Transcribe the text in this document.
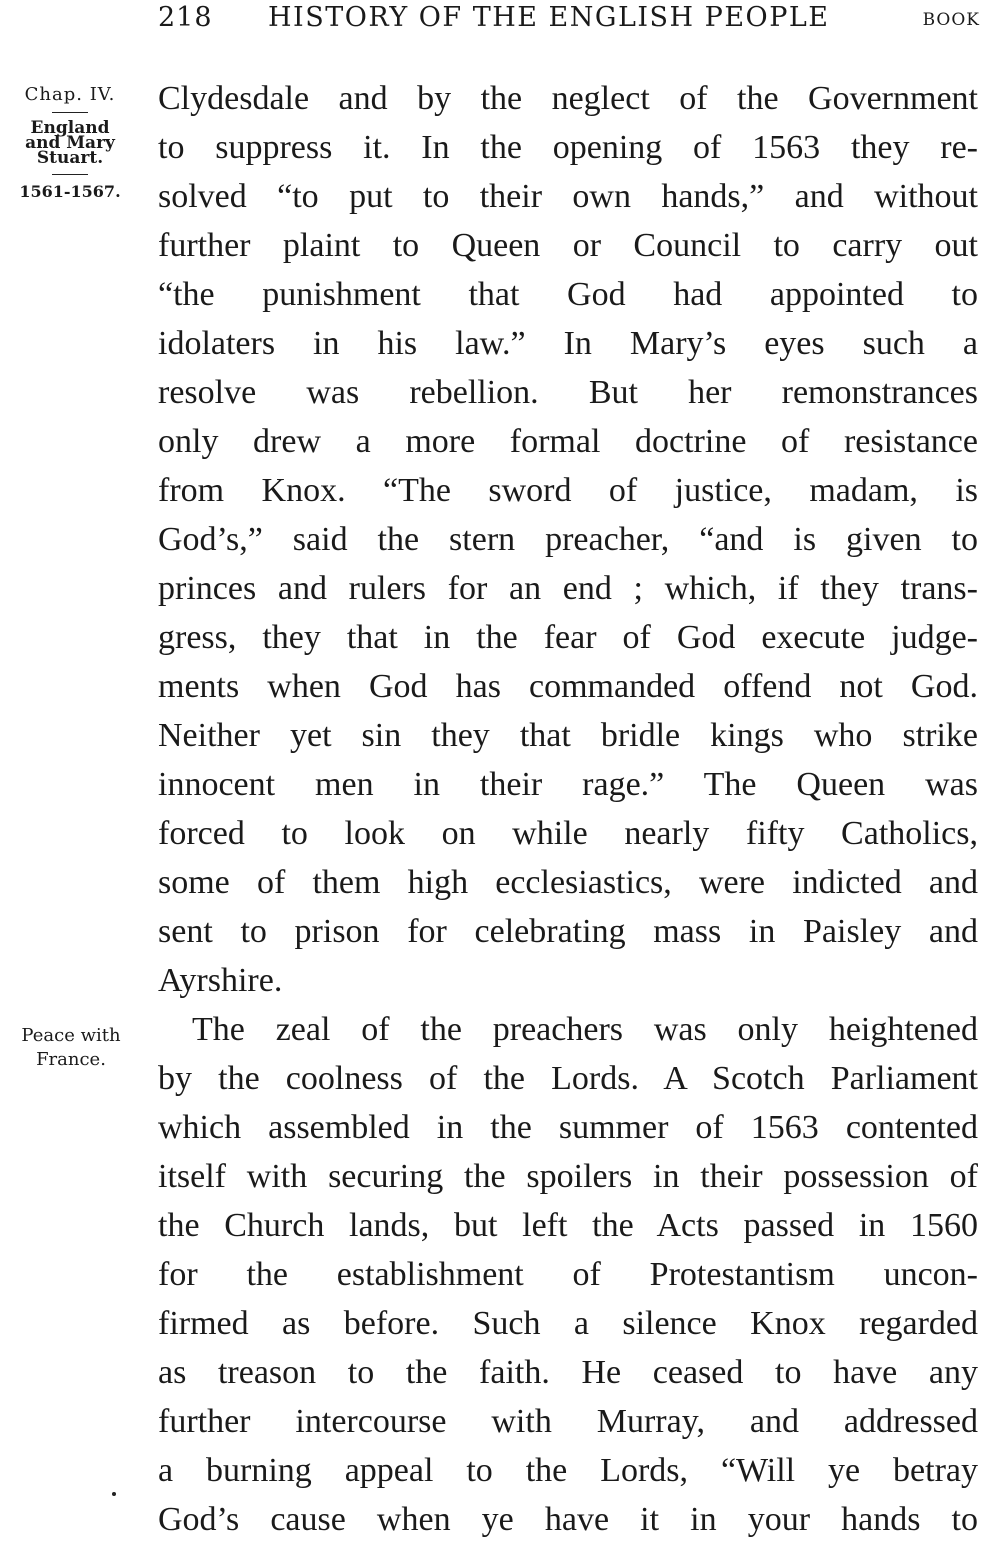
218 HISTORY OF THE ENGLISH PEOPLE	BOOK
Chap. IV.
England
and Mary
Stuart.
1561-1567.
Peace with
France.
Clydesdale and by the neglect of the Government
to suppress it. In the opening of 1563 they re-
solved “to put to their own hands,” and without
further plaint to Queen or Council to carry out
“the punishment that God had appointed to
idolaters in his law.” In Mary’s eyes such a
resolve was rebellion. But her remonstrances
only drew a more formal doctrine of resistance
from Knox. “The sword of justice, madam, is
God’s,” said the stern preacher, “and is given to
princes and rulers for an end ; which, if they trans-
gress, they that in the fear of God execute judge-
ments when God has commanded offend not God.
Neither yet sin they that bridle kings who strike
innocent men in their rage.” The Queen was
forced to look on while nearly fifty Catholics,
some of them high ecclesiastics, were indicted and
sent to prison for celebrating mass in Paisley and
Ayrshire.
 The zeal of the preachers was only heightened
by the coolness of the Lords. A Scotch Parliament
which assembled in the summer of 1563 contented
itself with securing the spoilers in their possession of
the Church lands, but left the Acts passed in 1560
for the establishment of Protestantism uncon-
firmed as before. Such a silence Knox regarded
as treason to the faith. He ceased to have any
further intercourse with Murray, and addressed
a burning appeal to the Lords, “Will ye betray
God’s cause when ye have it in your hands to
